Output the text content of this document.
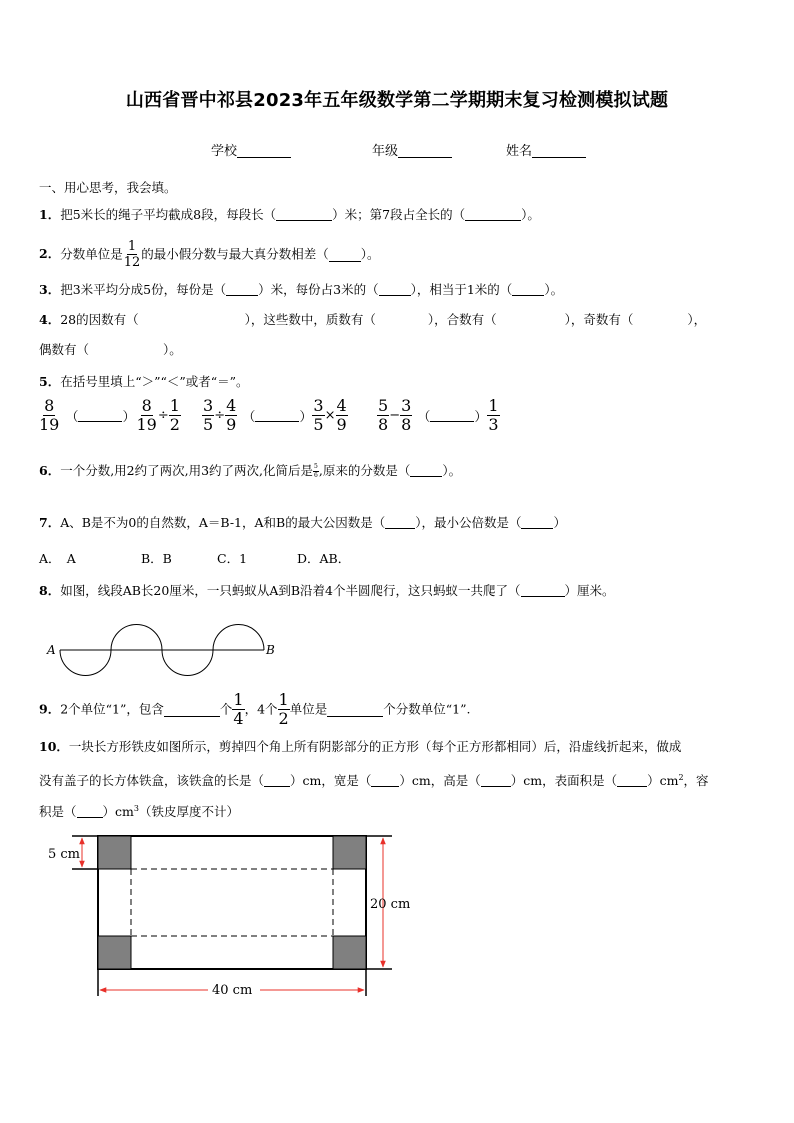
山西省晋中祁县2023年五年级数学第二学期期末复习检测模拟试题
学校	年级	姓名
一、用心思考，我会填。
1．把5米长的绳子平均截成8段，每段长（	）米；第7段占全长的（	）。
2．分数单位是 $\frac{1}{12}$ 的最小假分数与最大真分数相差（	）。
3．把3米平均分成5份，每份是（	）米，每份占3米的（	），相当于1米的（	）。
4．28的因数有（	），这些数中，质数有（	），合数有（	），奇数有（	），
偶数有（	）。
5．在括号里填上“＞”“＜”或者“＝”。
$\frac{8}{19}$ （	） $\frac{8}{19} \div \frac{1}{2} \frac{3}{5} \div \frac{4}{9}$ （	） $\frac{3}{5} \times \frac{4}{9} \frac{5}{8} - \frac{3}{8}$ （	） $\frac{1}{3}$
6．一个分数,用2约了两次,用3约了两次,化简后是 $\frac{5}{6}$ ,原来的分数是（	）。
7．A、B是不为0的自然数，A＝B-1，A和B的最大公因数是（ ），最小公倍数是（	）
A．　A	B．B	C．1	D．AB．
8．如图，线段AB长20厘米，一只蚂蚁从A到B沿着4个半圆爬行，这只蚂蚁一共爬了（	）厘米。
A	B
9．2个单位“1”，包含	个 $\frac{1}{4}$ ，4个 $\frac{1}{2}$ 单位是	个分数单位“1”.
10．一块长方形铁皮如图所示，剪掉四个角上所有阴影部分的正方形（每个正方形都相同）后，沿虚线折起来，做成
没有盖子的长方体铁盒，该铁盒的长是（ ）cm，宽是（ ）cm，高是（ ）cm，表面积是（ ）$cm^2$，容
积是（ ）$cm^3$（铁皮厚度不计）
5 cm
20 cm
40 cm
